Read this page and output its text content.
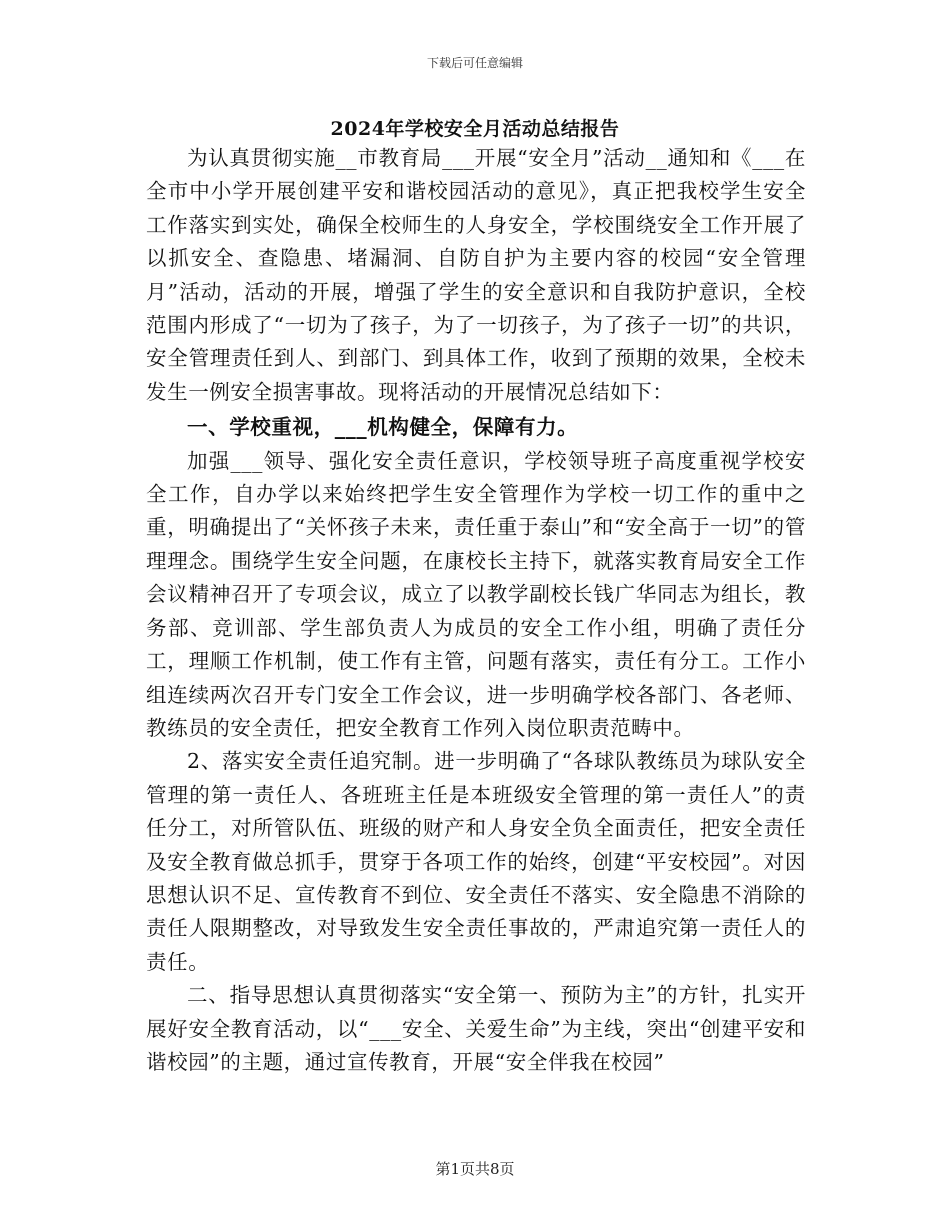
下载后可任意编辑
2024年学校安全月活动总结报告

为认真贯彻实施__市教育局___开展“安全月”活动__通知和《___在全市中小学开展创建平安和谐校园活动的意见》，真正把我校学生安全工作落实到实处，确保全校师生的人身安全，学校围绕安全工作开展了以抓安全、查隐患、堵漏洞、自防自护为主要内容的校园“安全管理月”活动，活动的开展，增强了学生的安全意识和自我防护意识，全校范围内形成了“一切为了孩子，为了一切孩子，为了孩子一切”的共识，安全管理责任到人、到部门、到具体工作，收到了预期的效果，全校未发生一例安全损害事故。现将活动的开展情况总结如下：

一、学校重视，___机构健全，保障有力。

加强___领导、强化安全责任意识，学校领导班子高度重视学校安全工作，自办学以来始终把学生安全管理作为学校一切工作的重中之重，明确提出了“关怀孩子未来，责任重于泰山”和“安全高于一切”的管理理念。围绕学生安全问题，在康校长主持下，就落实教育局安全工作会议精神召开了专项会议，成立了以教学副校长钱广华同志为组长，教务部、竞训部、学生部负责人为成员的安全工作小组，明确了责任分工，理顺工作机制，使工作有主管，问题有落实，责任有分工。工作小组连续两次召开专门安全工作会议，进一步明确学校各部门、各老师、教练员的安全责任，把安全教育工作列入岗位职责范畴中。

2、落实安全责任追究制。进一步明确了“各球队教练员为球队安全管理的第一责任人、各班班主任是本班级安全管理的第一责任人”的责任分工，对所管队伍、班级的财产和人身安全负全面责任，把安全责任及安全教育做总抓手，贯穿于各项工作的始终，创建“平安校园”。对因思想认识不足、宣传教育不到位、安全责任不落实、安全隐患不消除的责任人限期整改，对导致发生安全责任事故的，严肃追究第一责任人的责任。

二、指导思想认真贯彻落实“安全第一、预防为主”的方针，扎实开展好安全教育活动，以“___安全、关爱生命”为主线，突出“创建平安和谐校园”的主题，通过宣传教育，开展“安全伴我在校园”

第1页共8页
